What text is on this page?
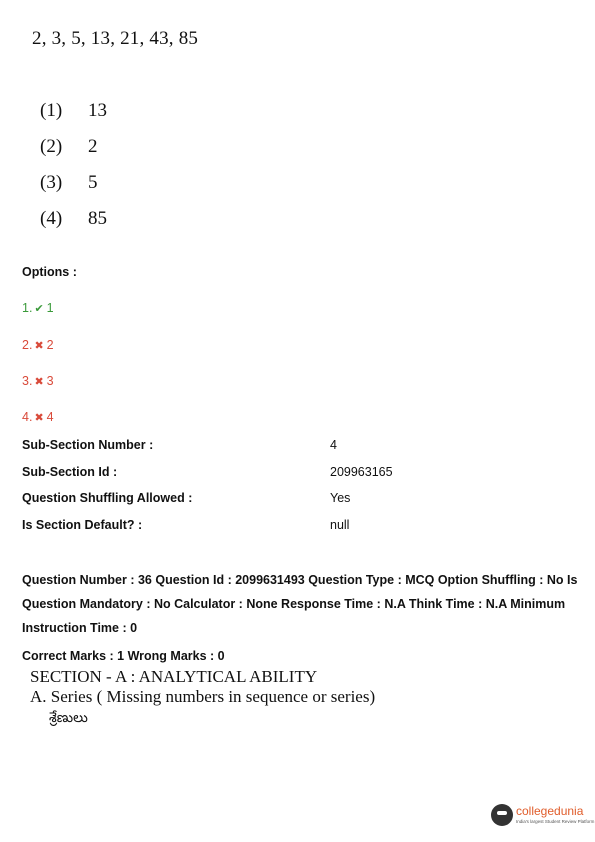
2, 3, 5, 13, 21, 43, 85
(1) 13
(2) 2
(3) 5
(4) 85
Options :
1. ✔ 1
2. ✖ 2
3. ✖ 3
4. ✖ 4
Sub-Section Number :	4
Sub-Section Id :	209963165
Question Shuffling Allowed :	Yes
Is Section Default? :	null
Question Number : 36 Question Id : 2099631493 Question Type : MCQ Option Shuffling : No Is Question Mandatory : No Calculator : None Response Time : N.A Think Time : N.A Minimum Instruction Time : 0
Correct Marks : 1 Wrong Marks : 0
SECTION - A : ANALYTICAL ABILITY
A. Series ( Missing numbers in sequence or series)
శ్రేణులు
collegedunia
India's largest Student Review Platform
